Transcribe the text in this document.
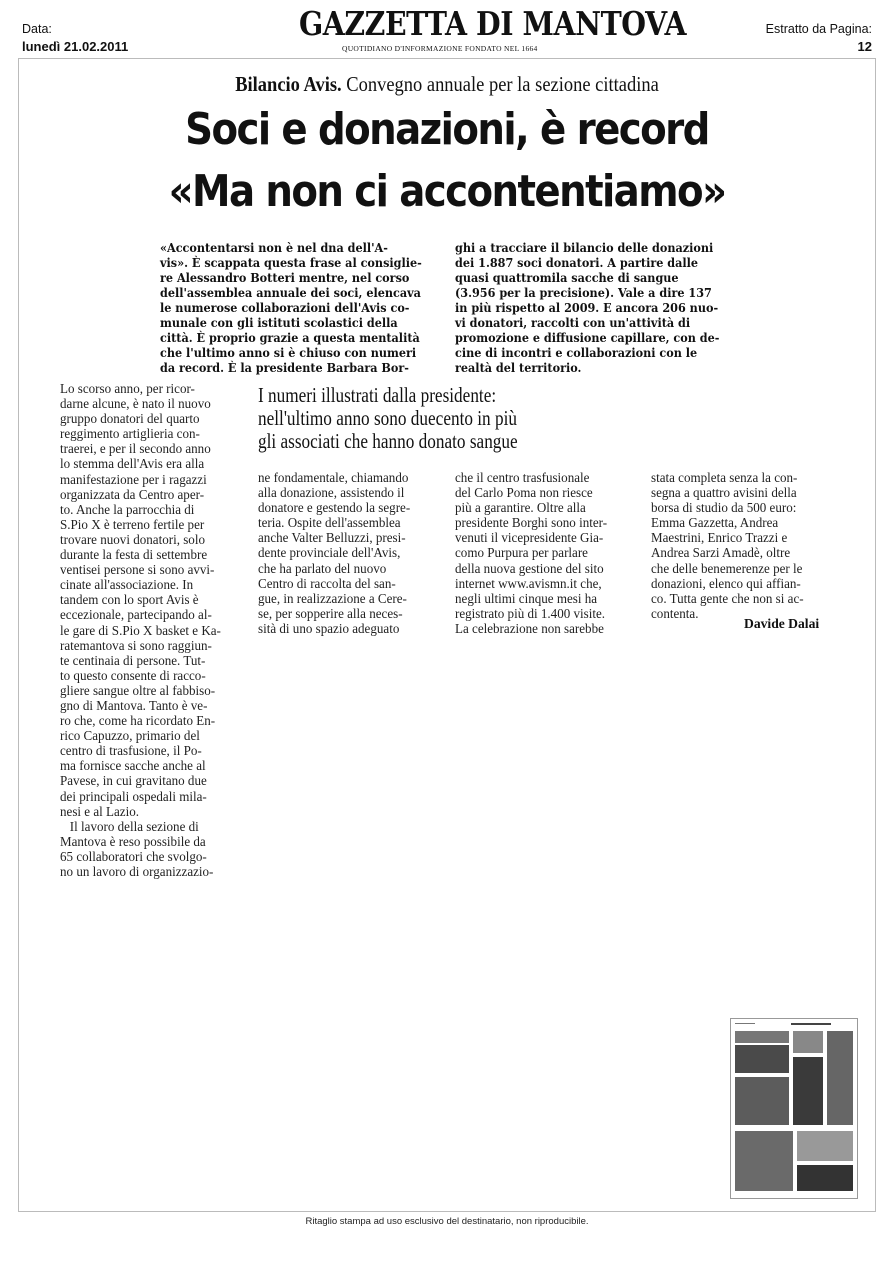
Data:
lunedì 21.02.2011
Estratto da Pagina:
12
GAZZETTA DI MANTOVA
QUOTIDIANO D'INFORMAZIONE FONDATO NEL 1664
Bilancio Avis. Convegno annuale per la sezione cittadina
Soci e donazioni, è record
«Ma non ci accontentiamo»
«Accontentarsi non è nel dna dell'A-
vis». È scappata questa frase al consiglie-
re Alessandro Botteri mentre, nel corso
dell'assemblea annuale dei soci, elencava
le numerose collaborazioni dell'Avis co-
munale con gli istituti scolastici della
città. È proprio grazie a questa mentalità
che l'ultimo anno si è chiuso con numeri
da record. È la presidente Barbara Bor-
ghi a tracciare il bilancio delle donazioni
dei 1.887 soci donatori. A partire dalle
quasi quattromila sacche di sangue
(3.956 per la precisione). Vale a dire 137
in più rispetto al 2009. E ancora 206 nuo-
vi donatori, raccolti con un'attività di
promozione e diffusione capillare, con de-
cine di incontri e collaborazioni con le
realtà del territorio.
Lo scorso anno, per ricor-
darne alcune, è nato il nuovo
gruppo donatori del quarto
reggimento artiglieria con-
traerei, e per il secondo anno
lo stemma dell'Avis era alla
manifestazione per i ragazzi
organizzata da Centro aper-
to. Anche la parrocchia di
S.Pio X è terreno fertile per
trovare nuovi donatori, solo
durante la festa di settembre
ventisei persone si sono avvi-
cinate all'associazione. In
tandem con lo sport Avis è
eccezionale, partecipando al-
le gare di S.Pio X basket e Ka-
ratemantova si sono raggiun-
te centinaia di persone. Tut-
to questo consente di racco-
gliere sangue oltre al fabbiso-
gno di Mantova. Tanto è ve-
ro che, come ha ricordato En-
rico Capuzzo, primario del
centro di trasfusione, il Po-
ma fornisce sacche anche al
Pavese, in cui gravitano due
dei principali ospedali mila-
nesi e al Lazio.
Il lavoro della sezione di
Mantova è reso possibile da
65 collaboratori che svolgo-
no un lavoro di organizzazio-
I numeri illustrati dalla presidente:
nell'ultimo anno sono duecento in più
gli associati che hanno donato sangue
ne fondamentale, chiamando
alla donazione, assistendo il
donatore e gestendo la segre-
teria. Ospite dell'assemblea
anche Valter Belluzzi, presi-
dente provinciale dell'Avis,
che ha parlato del nuovo
Centro di raccolta del san-
gue, in realizzazione a Cere-
se, per sopperire alla neces-
sità di uno spazio adeguato
che il centro trasfusionale
del Carlo Poma non riesce
più a garantire. Oltre alla
presidente Borghi sono inter-
venuti il vicepresidente Gia-
como Purpura per parlare
della nuova gestione del sito
internet www.avismn.it che,
negli ultimi cinque mesi ha
registrato più di 1.400 visite.
La celebrazione non sarebbe
stata completa senza la con-
segna a quattro avisini della
borsa di studio da 500 euro:
Emma Gazzetta, Andrea
Maestrini, Enrico Trazzi e
Andrea Sarzi Amadè, oltre
che delle benemerenze per le
donazioni, elenco qui affian-
co. Tutta gente che non si ac-
contenta.
Davide Dalai
Ritaglio stampa ad uso esclusivo del destinatario, non riproducibile.
